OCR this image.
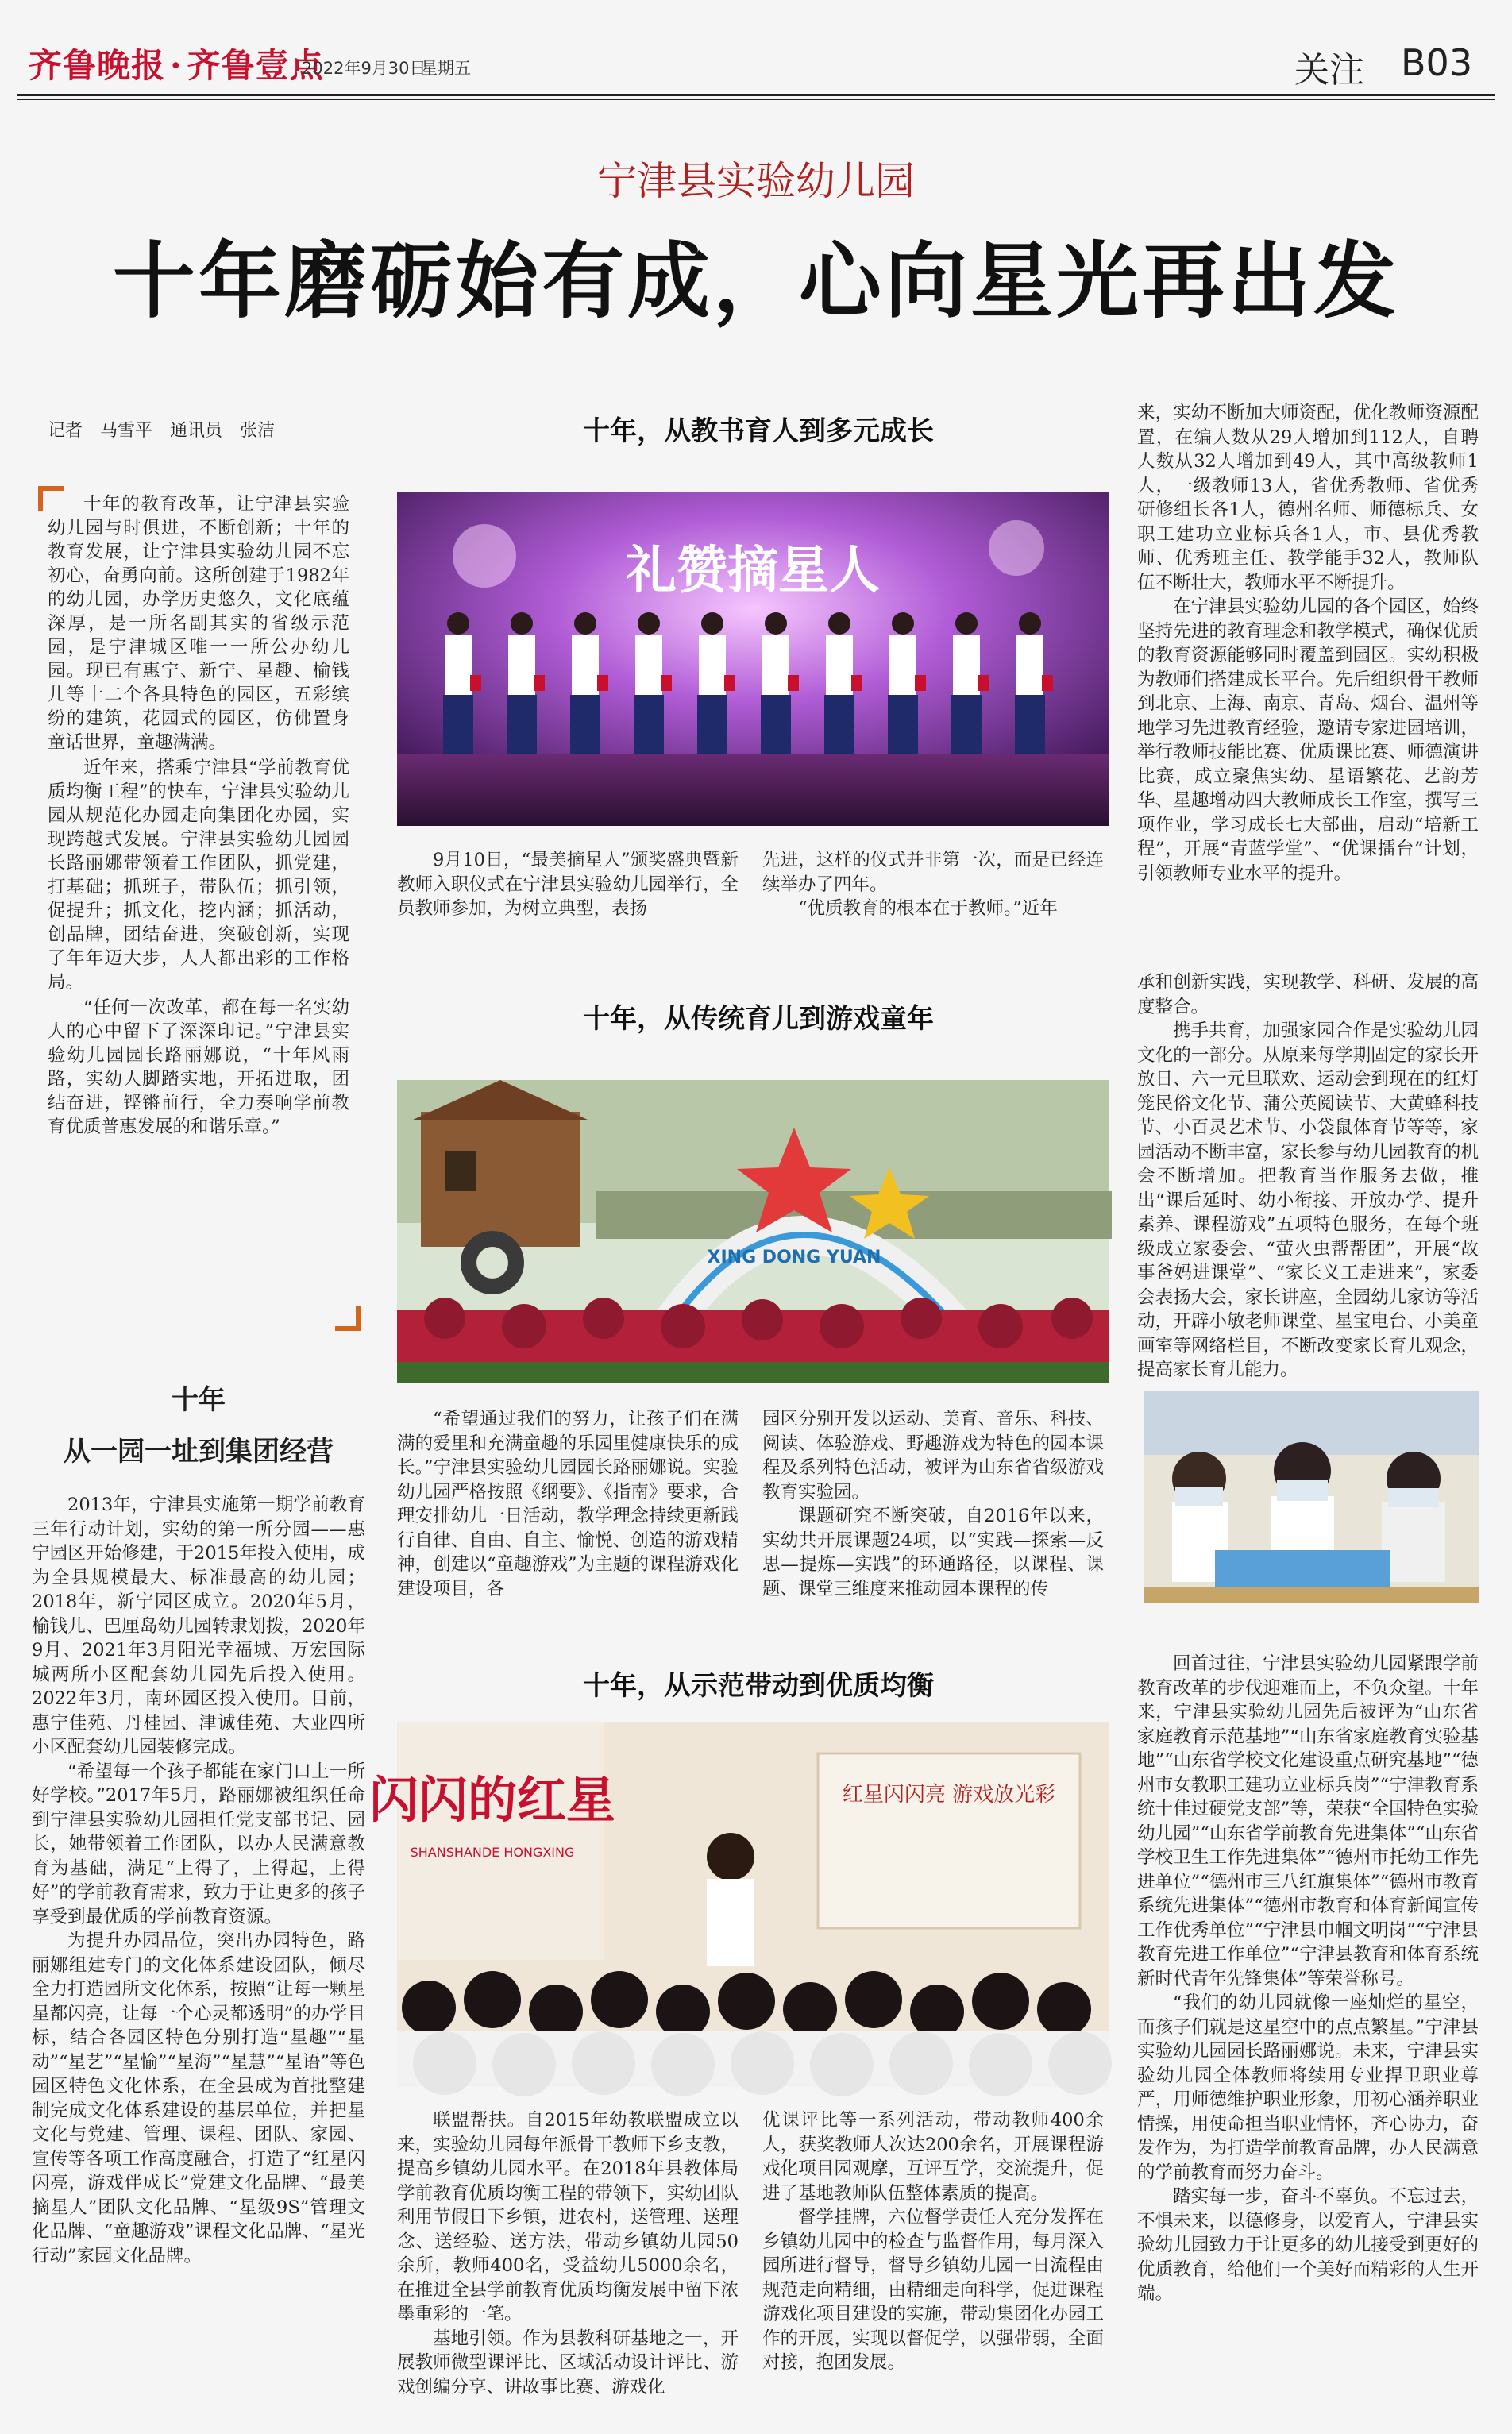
齐鲁晚报 · 齐鲁壹点
2022年9月30日
星期五	关注 B03
宁津县实验幼儿园
十年磨砺始有成，心向星光再出发
记者　马雪平　通讯员　张洁

十年的教育改革，让宁津县实验幼儿园与时俱进，不断创新；十年的教育发展，让宁津县实验幼儿园不忘初心，奋勇向前。这所创建于1982年的幼儿园，办学历史悠久，文化底蕴深厚，是一所名副其实的省级示范园，是宁津城区唯一一所公办幼儿园。现已有惠宁、新宁、星趣、榆钱儿等十二个各具特色的园区，五彩缤纷的建筑，花园式的园区，仿佛置身童话世界，童趣满满。

近年来，搭乘宁津县“学前教育优质均衡工程”的快车，宁津县实验幼儿园从规范化办园走向集团化办园，实现跨越式发展。宁津县实验幼儿园园长路丽娜带领着工作团队，抓党建，打基础；抓班子，带队伍；抓引领，促提升；抓文化，挖内涵；抓活动，创品牌，团结奋进，突破创新，实现了年年迈大步，人人都出彩的工作格局。

“任何一次改革，都在每一名实幼人的心中留下了深深印记。”宁津县实验幼儿园园长路丽娜说，“十年风雨路，实幼人脚踏实地，开拓进取，团结奋进，铿锵前行，全力奏响学前教育优质普惠发展的和谐乐章。”

十年
从一园一址到集团经营

2013年，宁津县实施第一期学前教育三年行动计划，实幼的第一所分园——惠宁园区开始修建，于2015年投入使用，成为全县规模最大、标准最高的幼儿园；2018年，新宁园区成立。2020年5月，榆钱儿、巴厘岛幼儿园转隶划拨，2020年9月、2021年3月阳光幸福城、万宏国际城两所小区配套幼儿园先后投入使用。2022年3月，南环园区投入使用。目前，惠宁佳苑、丹桂园、津诚佳苑、大业四所小区配套幼儿园装修完成。

“希望每一个孩子都能在家门口上一所好学校。”2017年5月，路丽娜被组织任命到宁津县实验幼儿园担任党支部书记、园长，她带领着工作团队，以办人民满意教育为基础，满足“上得了，上得起，上得好”的学前教育需求，致力于让更多的孩子享受到最优质的学前教育资源。

为提升办园品位，突出办园特色，路丽娜组建专门的文化体系建设团队，倾尽全力打造园所文化体系，按照“让每一颗星星都闪亮，让每一个心灵都透明”的办学目标，结合各园区特色分别打造“星趣”“星动”“星艺”“星愉”“星海”“星慧”“星语”等色园区特色文化体系，在全县成为首批整建制完成文化体系建设的基层单位，并把星文化与党建、管理、课程、团队、家园、宣传等各项工作高度融合，打造了“红星闪闪亮，游戏伴成长”党建文化品牌、“最美摘星人”团队文化品牌、“星级9S”管理文化品牌、“童趣游戏”课程文化品牌、“星光行动”家园文化品牌。

十年，从教书育人到多元成长
礼赞摘星人

9月10日，“最美摘星人”颁奖盛典暨新教师入职仪式在宁津县实验幼儿园举行，全员教师参加，为树立典型，表扬

先进，这样的仪式并非第一次，而是已经连续举办了四年。

“优质教育的根本在于教师。”近年

来，实幼不断加大师资配，优化教师资源配置，在编人数从29人增加到112人，自聘人数从32人增加到49人，其中高级教师1人，一级教师13人，省优秀教师、省优秀研修组长各1人，德州名师、师德标兵、女职工建功立业标兵各1人，市、县优秀教师、优秀班主任、教学能手32人，教师队伍不断壮大，教师水平不断提升。

在宁津县实验幼儿园的各个园区，始终坚持先进的教育理念和教学模式，确保优质的教育资源能够同时覆盖到园区。实幼积极为教师们搭建成长平台。先后组织骨干教师到北京、上海、南京、青岛、烟台、温州等地学习先进教育经验，邀请专家进园培训，举行教师技能比赛、优质课比赛、师德演讲比赛，成立聚焦实幼、星语繁花、艺韵芳华、星趣增动四大教师成长工作室，撰写三项作业，学习成长七大部曲，启动“培新工程”，开展“青蓝学堂”、“优课擂台”计划，引领教师专业水平的提升。

十年，从传统育儿到游戏童年
XING DONG YUAN

“希望通过我们的努力，让孩子们在满满的爱里和充满童趣的乐园里健康快乐的成长。”宁津县实验幼儿园园长路丽娜说。实验幼儿园严格按照《纲要》、《指南》要求，合理安排幼儿一日活动，教学理念持续更新践行自律、自由、自主、愉悦、创造的游戏精神，创建以“童趣游戏”为主题的课程游戏化建设项目，各

园区分别开发以运动、美育、音乐、科技、阅读、体验游戏、野趣游戏为特色的园本课程及系列特色活动，被评为山东省省级游戏教育实验园。

课题研究不断突破，自2016年以来，实幼共开展课题24项，以“实践—探索—反思—提炼—实践”的环通路径，以课程、课题、课堂三维度来推动园本课程的传

承和创新实践，实现教学、科研、发展的高度整合。

携手共育，加强家园合作是实验幼儿园文化的一部分。从原来每学期固定的家长开放日、六一元旦联欢、运动会到现在的红灯笼民俗文化节、蒲公英阅读节、大黄蜂科技节、小百灵艺术节、小袋鼠体育节等等，家园活动不断丰富，家长参与幼儿园教育的机会不断增加。把教育当作服务去做，推出“课后延时、幼小衔接、开放办学、提升素养、课程游戏”五项特色服务，在每个班级成立家委会、“萤火虫帮帮团”，开展“故事爸妈进课堂”、“家长义工走进来”，家委会表扬大会，家长讲座，全园幼儿家访等活动，开辟小敏老师课堂、星宝电台、小美童画室等网络栏目，不断改变家长育儿观念，提高家长育儿能力。

十年，从示范带动到优质均衡
闪闪的红星
SHANSHANDE HONGXING
红星闪闪亮 游戏放光彩

联盟帮扶。自2015年幼教联盟成立以来，实验幼儿园每年派骨干教师下乡支教，提高乡镇幼儿园水平。在2018年县教体局学前教育优质均衡工程的带领下，实幼团队利用节假日下乡镇，进农村，送管理、送理念、送经验、送方法，带动乡镇幼儿园50余所，教师400名，受益幼儿5000余名，在推进全县学前教育优质均衡发展中留下浓墨重彩的一笔。

基地引领。作为县教科研基地之一，开展教师微型课评比、区域活动设计评比、游戏创编分享、讲故事比赛、游戏化

优课评比等一系列活动，带动教师400余人，获奖教师人次达200余名，开展课程游戏化项目园观摩，互评互学，交流提升，促进了基地教师队伍整体素质的提高。

督学挂牌，六位督学责任人充分发挥在乡镇幼儿园中的检查与监督作用，每月深入园所进行督导，督导乡镇幼儿园一日流程由规范走向精细，由精细走向科学，促进课程游戏化项目建设的实施，带动集团化办园工作的开展，实现以督促学，以强带弱，全面对接，抱团发展。

回首过往，宁津县实验幼儿园紧跟学前教育改革的步伐迎难而上，不负众望。十年来，宁津县实验幼儿园先后被评为“山东省家庭教育示范基地”“山东省家庭教育实验基地”“山东省学校文化建设重点研究基地”“德州市女教职工建功立业标兵岗”“宁津教育系统十佳过硬党支部”等，荣获“全国特色实验幼儿园”“山东省学前教育先进集体”“山东省学校卫生工作先进集体”“德州市托幼工作先进单位”“德州市三八红旗集体”“德州市教育系统先进集体”“德州市教育和体育新闻宣传工作优秀单位”“宁津县巾帼文明岗”“宁津县教育先进工作单位”“宁津县教育和体育系统新时代青年先锋集体”等荣誉称号。

“我们的幼儿园就像一座灿烂的星空，而孩子们就是这星空中的点点繁星。”宁津县实验幼儿园园长路丽娜说。未来，宁津县实验幼儿园全体教师将续用专业捍卫职业尊严，用师德维护职业形象，用初心涵养职业情操，用使命担当职业情怀，齐心协力，奋发作为，为打造学前教育品牌，办人民满意的学前教育而努力奋斗。

踏实每一步，奋斗不辜负。不忘过去，不惧未来，以德修身，以爱育人，宁津县实验幼儿园致力于让更多的幼儿接受到更好的优质教育，给他们一个美好而精彩的人生开端。
